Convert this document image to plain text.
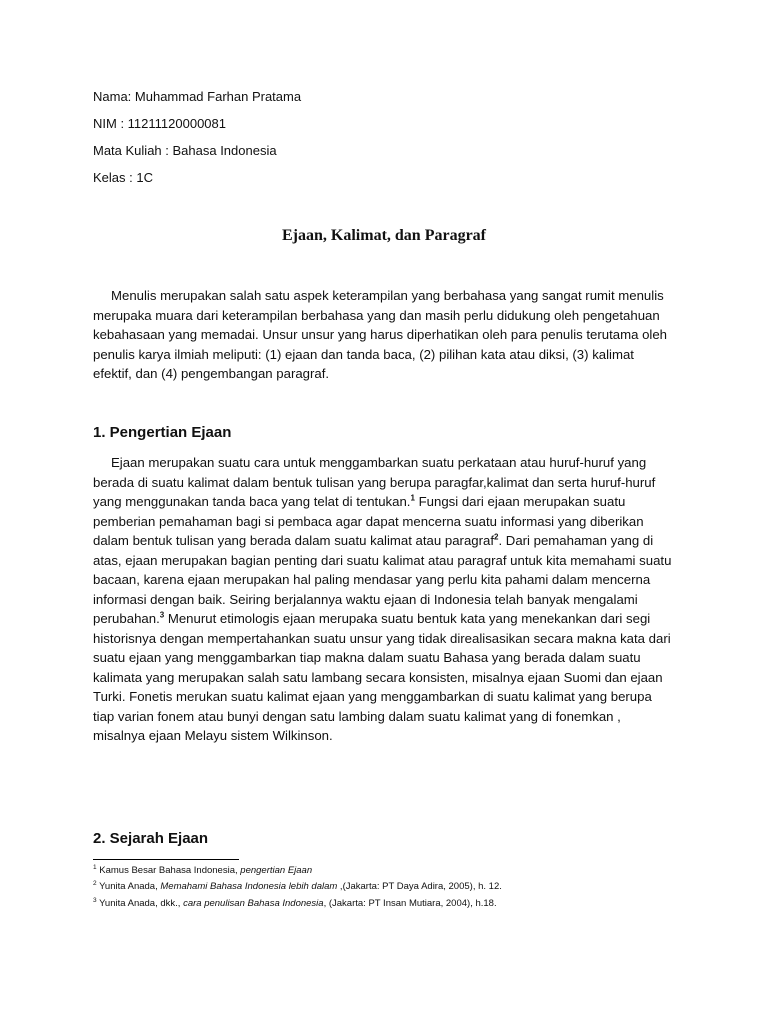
Nama: Muhammad Farhan Pratama
NIM : 11211120000081
Mata Kuliah : Bahasa Indonesia
Kelas : 1C
Ejaan, Kalimat, dan Paragraf

Menulis merupakan salah satu aspek keterampilan yang berbahasa yang sangat rumit menulis merupaka muara dari keterampilan berbahasa yang dan masih perlu didukung oleh pengetahuan kebahasaan yang memadai. Unsur unsur yang harus diperhatikan oleh para penulis terutama oleh penulis karya ilmiah meliputi: (1) ejaan dan tanda baca, (2) pilihan kata atau diksi, (3) kalimat efektif, dan (4) pengembangan paragraf.

1. Pengertian Ejaan

Ejaan merupakan suatu cara untuk menggambarkan suatu perkataan atau huruf-huruf yang berada di suatu kalimat dalam bentuk tulisan yang berupa paragfar,kalimat dan serta huruf-huruf yang menggunakan tanda baca yang telat di tentukan.$^1$ Fungsi dari ejaan merupakan suatu pemberian pemahaman bagi si pembaca agar dapat mencerna suatu informasi yang diberikan dalam bentuk tulisan yang berada dalam suatu kalimat atau paragraf$^2$. Dari pemahaman yang di atas, ejaan merupakan bagian penting dari suatu kalimat atau paragraf untuk kita memahami suatu bacaan, karena ejaan merupakan hal paling mendasar yang perlu kita pahami dalam mencerna informasi dengan baik. Seiring berjalannya waktu ejaan di Indonesia telah banyak mengalami perubahan.$^3$ Menurut etimologis ejaan merupaka suatu bentuk kata yang menekankan dari segi historisnya dengan mempertahankan suatu unsur yang tidak direalisasikan secara makna kata dari suatu ejaan yang menggambarkan tiap makna dalam suatu Bahasa yang berada dalam suatu kalimata yang merupakan salah satu lambang secara konsisten, misalnya ejaan Suomi dan ejaan Turki. Fonetis merukan suatu kalimat ejaan yang menggambarkan di suatu kalimat yang berupa tiap varian fonem atau bunyi dengan satu lambing dalam suatu kalimat yang di fonemkan , misalnya ejaan Melayu sistem Wilkinson.

2. Sejarah Ejaan
$^1$ Kamus Besar Bahasa Indonesia, pengertian Ejaan
$^2$ Yunita Anada, Memahami Bahasa Indonesia lebih dalam ,(Jakarta: PT Daya Adira, 2005), h. 12.
$^3$ Yunita Anada, dkk., cara penulisan Bahasa Indonesia, (Jakarta: PT Insan Mutiara, 2004), h.18.
